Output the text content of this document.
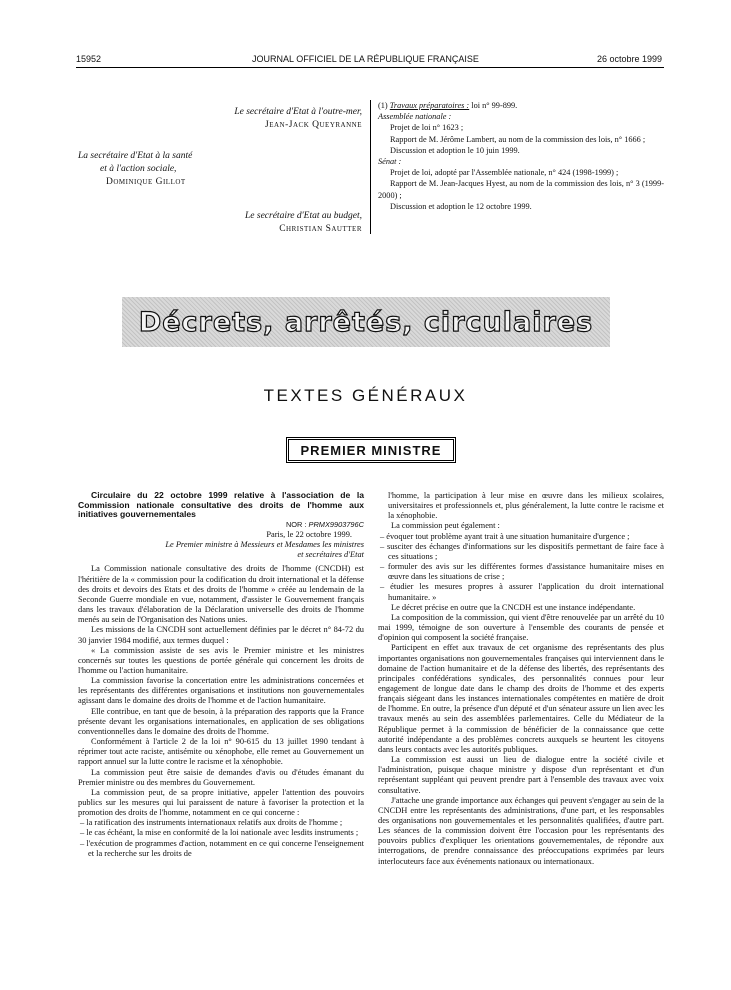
15952	JOURNAL OFFICIEL DE LA RÉPUBLIQUE FRANÇAISE	26 octobre 1999
Le secrétaire d'Etat à l'outre-mer,
Jean-Jack Queyranne
La secrétaire d'Etat à la santé
et à l'action sociale,
Dominique Gillot
Le secrétaire d'Etat au budget,
Christian Sautter
(1) Travaux préparatoires : loi n° 99-899.
Assemblée nationale :
Projet de loi n° 1623 ;
Rapport de M. Jérôme Lambert, au nom de la commission des lois, n° 1666 ;
Discussion et adoption le 10 juin 1999.
Sénat :
Projet de loi, adopté par l'Assemblée nationale, n° 424 (1998-1999) ;
Rapport de M. Jean-Jacques Hyest, au nom de la commission des lois, n° 3 (1999-2000) ;
Discussion et adoption le 12 octobre 1999.
Décrets, arrêtés, circulaires
TEXTES GÉNÉRAUX
PREMIER MINISTRE

Circulaire du 22 octobre 1999 relative à l'association de la Commission nationale consultative des droits de l'homme aux initiatives gouvernementales

NOR : PRMX9903796C

Paris, le 22 octobre 1999.

Le Premier ministre à Messieurs et Mesdames les ministres et secrétaires d'Etat

La Commission nationale consultative des droits de l'homme (CNCDH) est l'héritière de la « commission pour la codification du droit international et la défense des droits et devoirs des Etats et des droits de l'homme » créée au lendemain de la Seconde Guerre mondiale en vue, notamment, d'assister le Gouvernement français dans les travaux d'élaboration de la Déclaration universelle des droits de l'homme menés au sein de l'Organisation des Nations unies.

Les missions de la CNCDH sont actuellement définies par le décret n° 84-72 du 30 janvier 1984 modifié, aux termes duquel :

« La commission assiste de ses avis le Premier ministre et les ministres concernés sur toutes les questions de portée générale qui concernent les droits de l'homme ou l'action humanitaire.

La commission favorise la concertation entre les administrations concernées et les représentants des différentes organisations et institutions non gouvernementales agissant dans le domaine des droits de l'homme et de l'action humanitaire.

Elle contribue, en tant que de besoin, à la préparation des rapports que la France présente devant les organisations internationales, en application de ses obligations conventionnelles dans le domaine des droits de l'homme.

Conformément à l'article 2 de la loi n° 90-615 du 13 juillet 1990 tendant à réprimer tout acte raciste, antisémite ou xénophobe, elle remet au Gouvernement un rapport annuel sur la lutte contre le racisme et la xénophobie.

La commission peut être saisie de demandes d'avis ou d'études émanant du Premier ministre ou des membres du Gouvernement.

La commission peut, de sa propre initiative, appeler l'attention des pouvoirs publics sur les mesures qui lui paraissent de nature à favoriser la protection et la promotion des droits de l'homme, notamment en ce qui concerne :

– la ratification des instruments internationaux relatifs aux droits de l'homme ;

– le cas échéant, la mise en conformité de la loi nationale avec lesdits instruments ;

– l'exécution de programmes d'action, notamment en ce qui concerne l'enseignement et la recherche sur les droits de

l'homme, la participation à leur mise en œuvre dans les milieux scolaires, universitaires et professionnels et, plus généralement, la lutte contre le racisme et la xénophobie.

La commission peut également :

– évoquer tout problème ayant trait à une situation humanitaire d'urgence ;

– susciter des échanges d'informations sur les dispositifs permettant de faire face à ces situations ;

– formuler des avis sur les différentes formes d'assistance humanitaire mises en œuvre dans les situations de crise ;

– étudier les mesures propres à assurer l'application du droit international humanitaire. »

Le décret précise en outre que la CNCDH est une instance indépendante.

La composition de la commission, qui vient d'être renouvelée par un arrêté du 10 mai 1999, témoigne de son ouverture à l'ensemble des courants de pensée et d'opinion qui composent la société française.

Participent en effet aux travaux de cet organisme des représentants des plus importantes organisations non gouvernementales françaises qui interviennent dans le domaine de l'action humanitaire et de la défense des libertés, des représentants des principales confédérations syndicales, des personnalités connues pour leur engagement de longue date dans le champ des droits de l'homme et des experts français siégeant dans les instances internationales compétentes en matière de droit de l'homme. En outre, la présence d'un député et d'un sénateur assure un lien avec les travaux menés au sein des assemblées parlementaires. Celle du Médiateur de la République permet à la commission de bénéficier de la connaissance que cette autorité indépendante a des problèmes concrets auxquels se heurtent les citoyens dans leurs contacts avec les autorités publiques.

La commission est aussi un lieu de dialogue entre la société civile et l'administration, puisque chaque ministre y dispose d'un représentant et d'un représentant suppléant qui peuvent prendre part à l'ensemble des travaux avec voix consultative.

J'attache une grande importance aux échanges qui peuvent s'engager au sein de la CNCDH entre les représentants des administrations, d'une part, et les responsables des organisations non gouvernementales et les personnalités qualifiées, d'autre part. Les séances de la commission doivent être l'occasion pour les représentants des pouvoirs publics d'expliquer les orientations gouvernementales, de répondre aux interrogations, de prendre connaissance des préoccupations exprimées par leurs interlocuteurs face aux événements nationaux ou internationaux.
